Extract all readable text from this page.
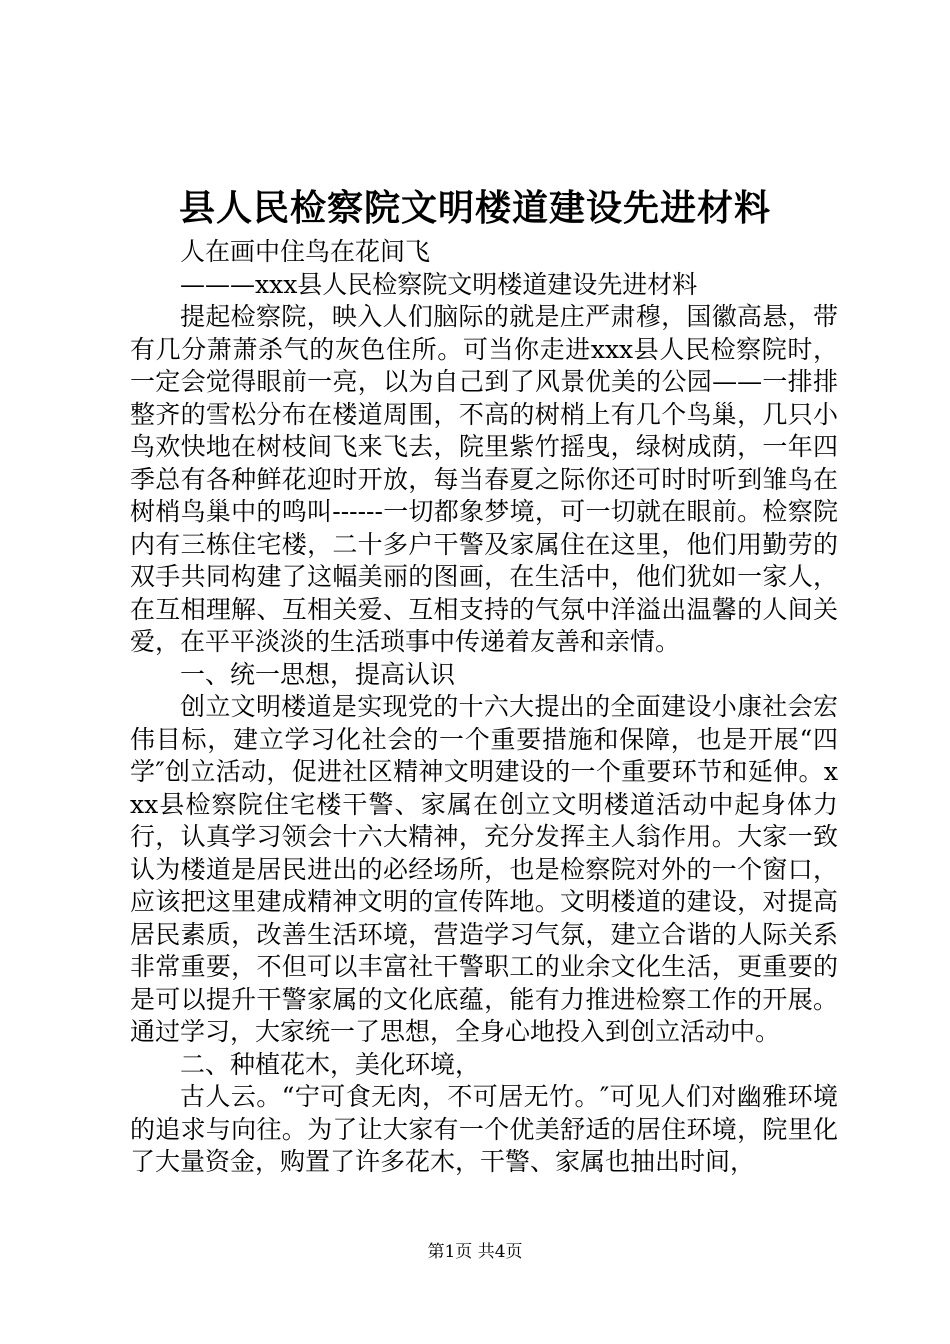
县人民检察院文明楼道建设先进材料

人在画中住鸟在花间飞

———xxx县人民检察院文明楼道建设先进材料

提起检察院，映入人们脑际的就是庄严肃穆，国徽高悬，带有几分萧萧杀气的灰色住所。可当你走进xxx县人民检察院时，一定会觉得眼前一亮，以为自己到了风景优美的公园——一排排整齐的雪松分布在楼道周围，不高的树梢上有几个鸟巢，几只小鸟欢快地在树枝间飞来飞去，院里紫竹摇曳，绿树成荫，一年四季总有各种鲜花迎时开放，每当春夏之际你还可时时听到雏鸟在树梢鸟巢中的鸣叫------一切都象梦境，可一切就在眼前。检察院内有三栋住宅楼，二十多户干警及家属住在这里，他们用勤劳的双手共同构建了这幅美丽的图画，在生活中，他们犹如一家人，在互相理解、互相关爱、互相支持的气氛中洋溢出温馨的人间关爱，在平平淡淡的生活琐事中传递着友善和亲情。

一、统一思想，提高认识

创立文明楼道是实现党的十六大提出的全面建设小康社会宏伟目标，建立学习化社会的一个重要措施和保障，也是开展“四学″创立活动，促进社区精神文明建设的一个重要环节和延伸。xxx县检察院住宅楼干警、家属在创立文明楼道活动中起身体力行，认真学习领会十六大精神，充分发挥主人翁作用。大家一致认为楼道是居民进出的必经场所，也是检察院对外的一个窗口，应该把这里建成精神文明的宣传阵地。文明楼道的建设，对提高居民素质，改善生活环境，营造学习气氛，建立合谐的人际关系非常重要，不但可以丰富社干警职工的业余文化生活，更重要的是可以提升干警家属的文化底蕴，能有力推进检察工作的开展。通过学习，大家统一了思想，全身心地投入到创立活动中。

二、种植花木，美化环境，

古人云。“宁可食无肉，不可居无竹。″可见人们对幽雅环境的追求与向往。为了让大家有一个优美舒适的居住环境，院里化了大量资金，购置了许多花木，干警、家属也抽出时间，

第1页 共4页
